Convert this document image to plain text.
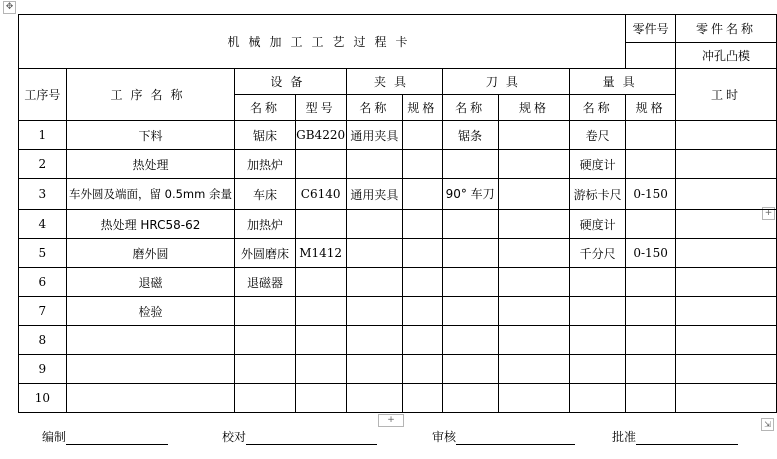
✥
+
+	⇲
机械加工工艺过程卡									零件号	零件名称
										冲孔凸模
工序号	工序名称	设备		夹具		刀具		量具		工时
		名称	型号	名称	规格	名称	规格	名称	规格	
1	下料	锯床	GB4220	通用夹具		锯条		卷尺		
2	热处理	加热炉						硬度计		
3	车外圆及端面，留 0.5mm 余量	车床	C6140	通用夹具		90° 车刀		游标卡尺	0-150	
4	热处理 HRC58-62	加热炉						硬度计		
5	磨外圆	外圆磨床	M1412					千分尺	0-150	
6	退磁	退磁器								
7	检验									
8										
9										
10										
编制	校对	审核	批准
